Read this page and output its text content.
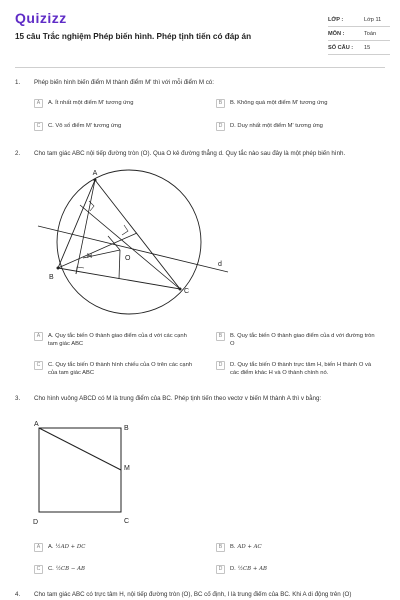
Quizizz
15 câu Trắc nghiệm Phép biến hình. Phép tịnh tiến có đáp án
LỚP :	Lớp 11
MÔN :	Toán
SỐ CÂU :	15
1. Phép biến hình biến điểm M thành điểm M' thì với mỗi điểm M có:
A	A. Ít nhất một điểm M' tương ứng	B	B. Không quá một điểm M' tương ứng
C	C. Vô số điểm M' tương ứng	D	D. Duy nhất một điểm M' tương ứng
2. Cho tam giác ABC nội tiếp đường tròn (O). Qua O kẻ đường thẳng d. Quy tắc nào sau đây là một phép biến hình.
A
B
C
H	O
d
A	A. Quy tắc biến O thành giao điểm của d với các cạnh tam giác ABC
B	B. Quy tắc biến O thành giao điểm của d với đường tròn O
C	C. Quy tắc biến O thành hình chiếu của O trên các cạnh của tam giác ABC
D	D. Quy tắc biến O thành trực tâm H, biến H thành O và các điểm khác H và O thành chính nó.
3. Cho hình vuông ABCD có M là trung điểm của BC. Phép tịnh tiến theo vectơ v biến M thành A thì v bằng:
A
B
M
C
D
A	A. ½AD + DC	B	B. AD + AC
C	C. ½CB − AB	D	D. ½CB + AB
4. Cho tam giác ABC có trực tâm H, nội tiếp đường tròn (O), BC cố định, I là trung điểm của BC. Khi A di động trên (O)
